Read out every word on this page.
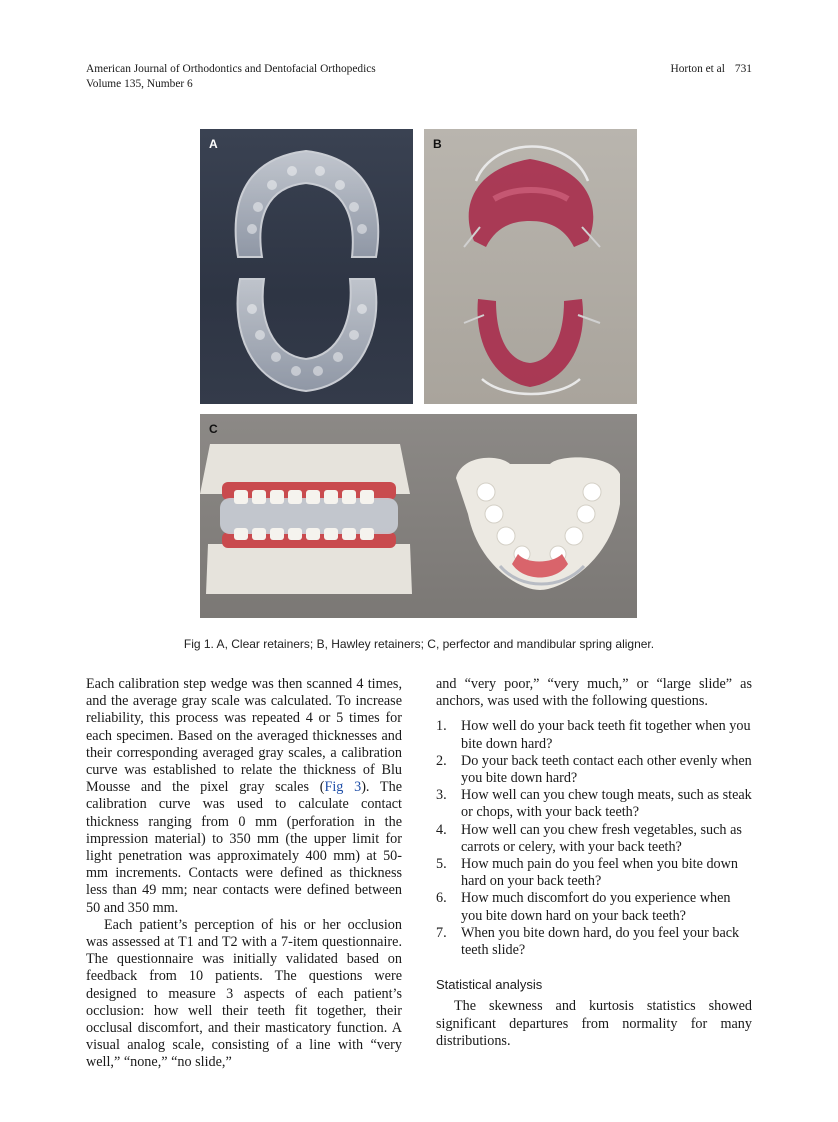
American Journal of Orthodontics and Dentofacial Orthopedics
Volume 135, Number 6
Horton et al 731
A	B
C
Fig 1. A, Clear retainers; B, Hawley retainers; C, perfector and mandibular spring aligner.

Each calibration step wedge was then scanned 4 times, and the average gray scale was calculated. To increase reliability, this process was repeated 4 or 5 times for each specimen. Based on the averaged thicknesses and their corresponding averaged gray scales, a calibration curve was established to relate the thickness of Blu Mousse and the pixel gray scales (Fig 3). The calibration curve was used to calculate contact thickness ranging from 0 mm (perforation in the impression material) to 350 mm (the upper limit for light penetration was approximately 400 mm) at 50-mm increments. Contacts were defined as thickness less than 49 mm; near contacts were defined between 50 and 350 mm.

Each patient’s perception of his or her occlusion was assessed at T1 and T2 with a 7-item questionnaire. The questionnaire was initially validated based on feedback from 10 patients. The questions were designed to measure 3 aspects of each patient’s occlusion: how well their teeth fit together, their occlusal discomfort, and their masticatory function. A visual analog scale, consisting of a line with “very well,” “none,” “no slide,”

and “very poor,” “very much,” or “large slide” as anchors, was used with the following questions.

1. How well do your back teeth fit together when you bite down hard?
2. Do your back teeth contact each other evenly when you bite down hard?
3. How well can you chew tough meats, such as steak or chops, with your back teeth?
4. How well can you chew fresh vegetables, such as carrots or celery, with your back teeth?
5. How much pain do you feel when you bite down hard on your back teeth?
6. How much discomfort do you experience when you bite down hard on your back teeth?
7. When you bite down hard, do you feel your back teeth slide?
Statistical analysis

The skewness and kurtosis statistics showed significant departures from normality for many distributions.
